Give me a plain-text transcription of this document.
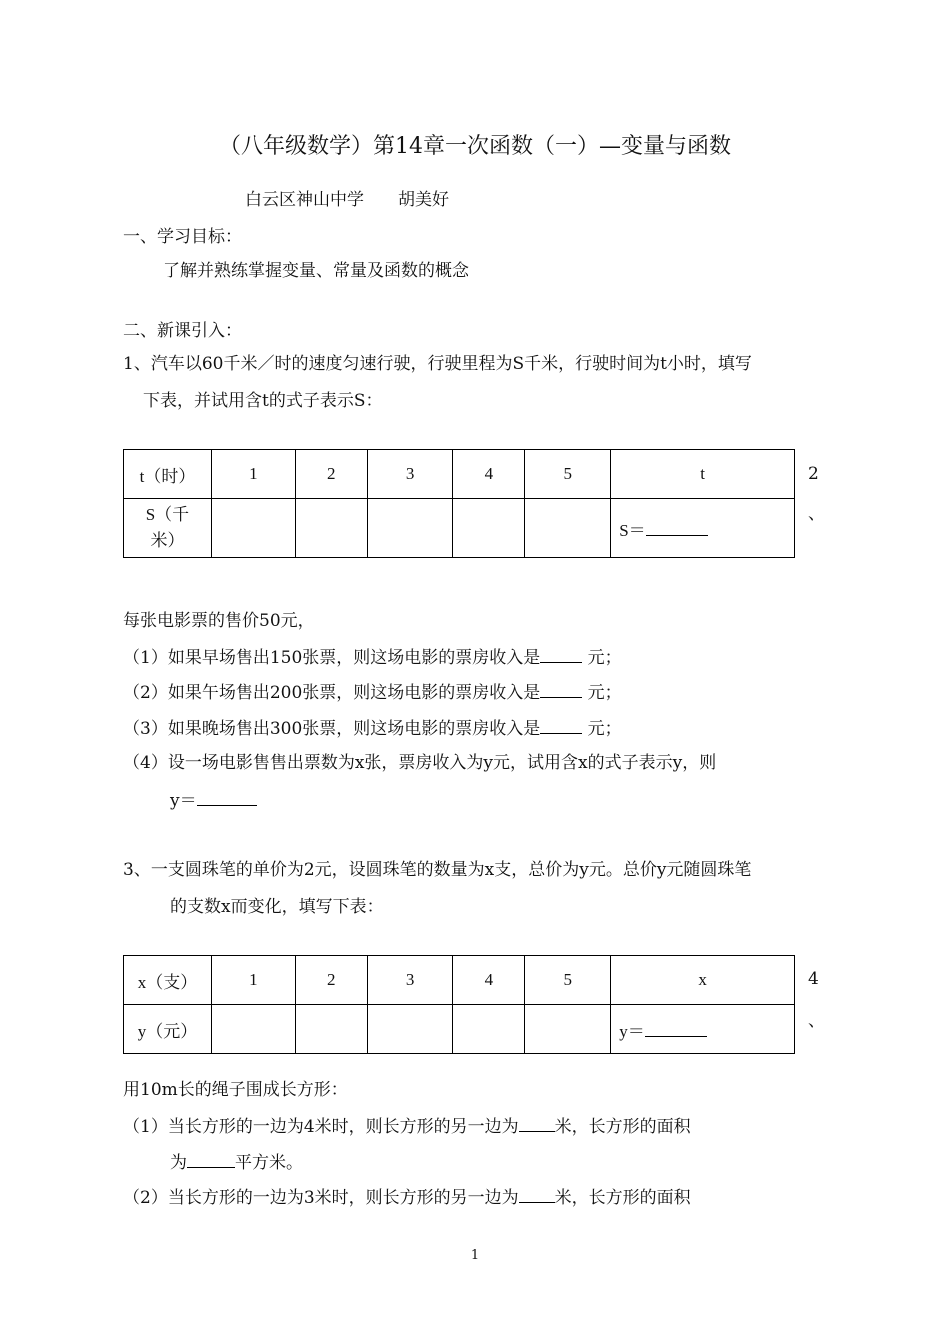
（八年级数学）第14章一次函数（一）—变量与函数
白云区神山中学　　胡美好
一、学习目标：
了解并熟练掌握变量、常量及函数的概念
二、新课引入：
1、汽车以60千米／时的速度匀速行驶，行驶里程为S千米，行驶时间为t小时，填写
下表，并试用含t的式子表示S：
t（时）	1	2	3	4	5	t
S（千
米）						S＝
2
、
每张电影票的售价50元，
（1）如果早场售出150张票，则这场电影的票房收入是 元；
（2）如果午场售出200张票，则这场电影的票房收入是 元；
（3）如果晚场售出300张票，则这场电影的票房收入是 元；
（4）设一场电影售售出票数为x张，票房收入为y元，试用含x的式子表示y，则
y＝
3、一支圆珠笔的单价为2元，设圆珠笔的数量为x支，总价为y元。总价y元随圆珠笔
的支数x而变化，填写下表：
x（支）	1	2	3	4	5	x
y（元）						y＝
4
、
用10m长的绳子围成长方形：
（1）当长方形的一边为4米时，则长方形的另一边为 米，长方形的面积
为	平方米。
（2）当长方形的一边为3米时，则长方形的另一边为 米，长方形的面积
1
